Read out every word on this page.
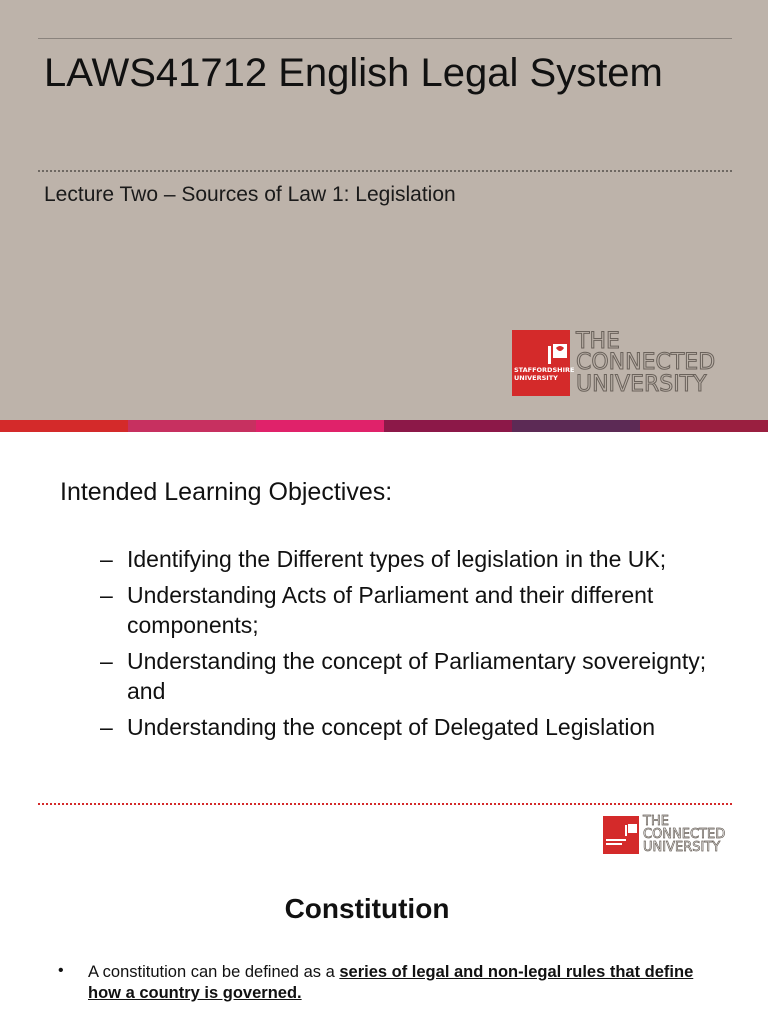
LAWS41712 English Legal System
Lecture Two – Sources of Law 1: Legislation
STAFFORDSHIRE
UNIVERSITY
THE
CONNECTED
UNIVERSITY
Intended Learning Objectives:
– Identifying the Different types of legislation in the UK;
– Understanding Acts of Parliament and their different components;
– Understanding the concept of Parliamentary sovereignty; and
– Understanding the concept of Delegated Legislation
THE
CONNECTED
UNIVERSITY
Constitution
• A constitution can be defined as a series of legal and non-legal rules that define how a country is governed.
